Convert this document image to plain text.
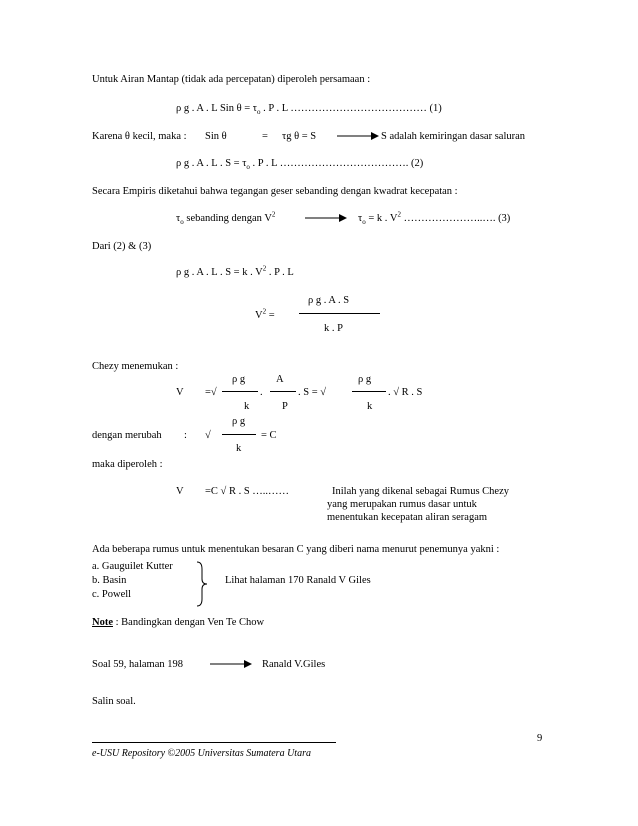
Untuk Airan Mantap (tidak ada percepatan) diperoleh persamaan :
ρ g . A . L Sin $\theta = \tau_o$ . P . L ………………………………… (1)
Karena θ kecil, maka : Sin θ	= τg θ = S	S adalah kemiringan dasar saluran
ρ g . A . L . $S = \tau_o$ . P . L ………………………………. (2)
Secara Empiris diketahui bahwa tegangan geser sebanding dengan kwadrat kecepatan :
$\tau_o$ sebanding dengan $V^2$	$\tau_o = k$ . $V^2$ …………………..…. (3)
Dari (2) & (3)
ρ g . A . L . S = k . $V^2$ . P . L
ρ g . A . S
$V^2$ =
k . P
Chezy menemukan :
ρ g	A	ρ g
V =√	.	. S = √	. √ R . S
k	P	k
ρ g
dengan merubah : √	= C
k
maka diperoleh :
V =C √ R . S …..……	Inilah yang dikenal sebagai Rumus Chezy
yang merupakan rumus dasar untuk
menentukan kecepatan aliran seragam
Ada beberapa rumus untuk menentukan besaran C yang diberi nama menurut penemunya yakni :
a. Gauguilet Kutter
b. Basin
c. Powell
Lihat halaman 170 Ranald V Giles
Note : Bandingkan dengan Ven Te Chow
Soal 59, halaman 198	Ranald V.Giles
Salin soal.
9
e-USU Repository ©2005 Universitas Sumatera Utara
